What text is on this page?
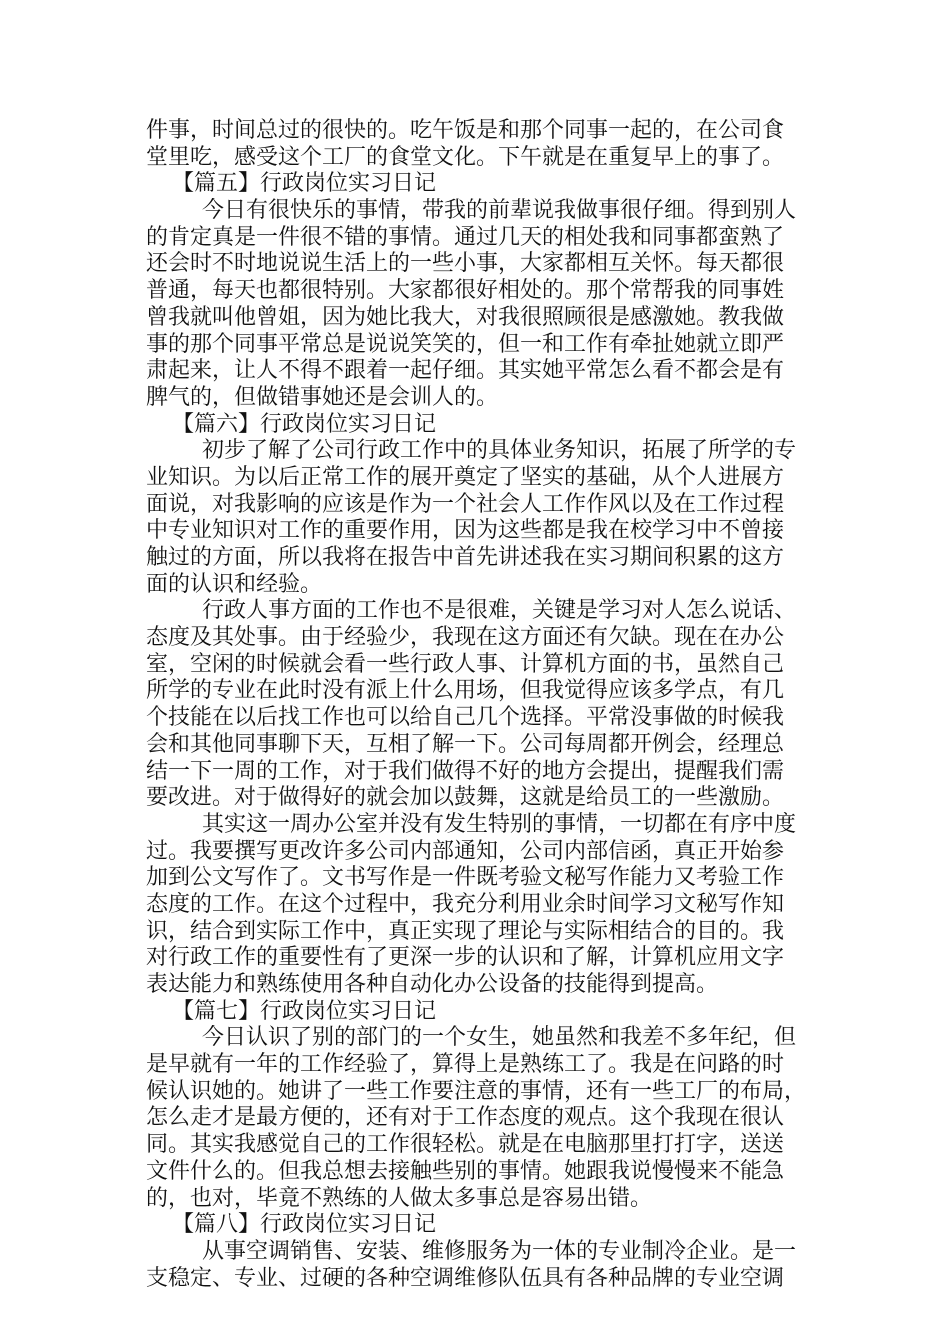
件事，时间总过的很快的。吃午饭是和那个同事一起的，在公司食
堂里吃，感受这个工厂的食堂文化。下午就是在重复早上的事了。
【篇五】行政岗位实习日记
今日有很快乐的事情，带我的前辈说我做事很仔细。得到别人
的肯定真是一件很不错的事情。通过几天的相处我和同事都蛮熟了
还会时不时地说说生活上的一些小事，大家都相互关怀。每天都很
普通，每天也都很特别。大家都很好相处的。那个常帮我的同事姓
曾我就叫他曾姐，因为她比我大，对我很照顾很是感激她。教我做
事的那个同事平常总是说说笑笑的，但一和工作有牵扯她就立即严
肃起来，让人不得不跟着一起仔细。其实她平常怎么看不都会是有
脾气的，但做错事她还是会训人的。
【篇六】行政岗位实习日记
初步了解了公司行政工作中的具体业务知识，拓展了所学的专
业知识。为以后正常工作的展开奠定了坚实的基础，从个人进展方
面说，对我影响的应该是作为一个社会人工作作风以及在工作过程
中专业知识对工作的重要作用，因为这些都是我在校学习中不曾接
触过的方面，所以我将在报告中首先讲述我在实习期间积累的这方
面的认识和经验。
行政人事方面的工作也不是很难，关键是学习对人怎么说话、
态度及其处事。由于经验少，我现在这方面还有欠缺。现在在办公
室，空闲的时候就会看一些行政人事、计算机方面的书，虽然自己
所学的专业在此时没有派上什么用场，但我觉得应该多学点，有几
个技能在以后找工作也可以给自己几个选择。平常没事做的时候我
会和其他同事聊下天，互相了解一下。公司每周都开例会，经理总
结一下一周的工作，对于我们做得不好的地方会提出，提醒我们需
要改进。对于做得好的就会加以鼓舞，这就是给员工的一些激励。
其实这一周办公室并没有发生特别的事情，一切都在有序中度
过。我要撰写更改许多公司内部通知，公司内部信函，真正开始参
加到公文写作了。文书写作是一件既考验文秘写作能力又考验工作
态度的工作。在这个过程中，我充分利用业余时间学习文秘写作知
识，结合到实际工作中，真正实现了理论与实际相结合的目的。我
对行政工作的重要性有了更深一步的认识和了解，计算机应用文字
表达能力和熟练使用各种自动化办公设备的技能得到提高。
【篇七】行政岗位实习日记
今日认识了别的部门的一个女生，她虽然和我差不多年纪，但
是早就有一年的工作经验了，算得上是熟练工了。我是在问路的时
候认识她的。她讲了一些工作要注意的事情，还有一些工厂的布局，
怎么走才是最方便的，还有对于工作态度的观点。这个我现在很认
同。其实我感觉自己的工作很轻松。就是在电脑那里打打字，送送
文件什么的。但我总想去接触些别的事情。她跟我说慢慢来不能急
的，也对，毕竟不熟练的人做太多事总是容易出错。
【篇八】行政岗位实习日记
从事空调销售、安装、维修服务为一体的专业制冷企业。是一
支稳定、专业、过硬的各种空调维修队伍具有各种品牌的专业空调
